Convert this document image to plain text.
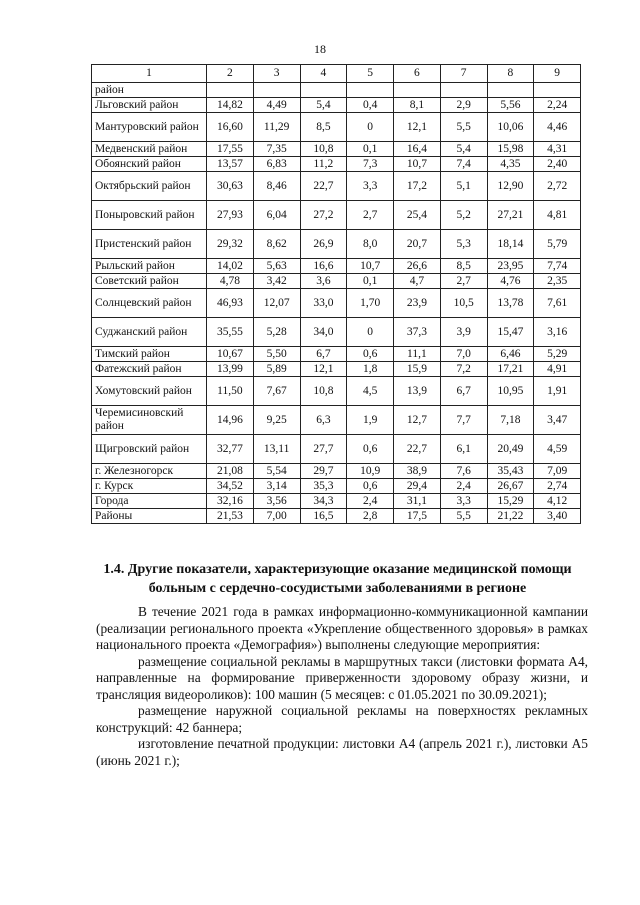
18
1	2	3	4	5	6	7	8	9
район								
Льговский район	14,82	4,49	5,4	0,4	8,1	2,9	5,56	2,24
Мантуровский район	16,60	11,29	8,5	0	12,1	5,5	10,06	4,46
Медвенский район	17,55	7,35	10,8	0,1	16,4	5,4	15,98	4,31
Обоянский район	13,57	6,83	11,2	7,3	10,7	7,4	4,35	2,40
Октябрьский район	30,63	8,46	22,7	3,3	17,2	5,1	12,90	2,72
Поныровский район	27,93	6,04	27,2	2,7	25,4	5,2	27,21	4,81
Пристенский район	29,32	8,62	26,9	8,0	20,7	5,3	18,14	5,79
Рыльский район	14,02	5,63	16,6	10,7	26,6	8,5	23,95	7,74
Советский район	4,78	3,42	3,6	0,1	4,7	2,7	4,76	2,35
Солнцевский район	46,93	12,07	33,0	1,70	23,9	10,5	13,78	7,61
Суджанский район	35,55	5,28	34,0	0	37,3	3,9	15,47	3,16
Тимский район	10,67	5,50	6,7	0,6	11,1	7,0	6,46	5,29
Фатежский район	13,99	5,89	12,1	1,8	15,9	7,2	17,21	4,91
Хомутовский район	11,50	7,67	10,8	4,5	13,9	6,7	10,95	1,91
Черемисиновский район	14,96	9,25	6,3	1,9	12,7	7,7	7,18	3,47
Щигровский район	32,77	13,11	27,7	0,6	22,7	6,1	20,49	4,59
г. Железногорск	21,08	5,54	29,7	10,9	38,9	7,6	35,43	7,09
г. Курск	34,52	3,14	35,3	0,6	29,4	2,4	26,67	2,74
Города	32,16	3,56	34,3	2,4	31,1	3,3	15,29	4,12
Районы	21,53	7,00	16,5	2,8	17,5	5,5	21,22	3,40
1.4. Другие показатели, характеризующие оказание медицинской помощи больным с сердечно-сосудистыми заболеваниями в регионе

В течение 2021 года в рамках информационно-коммуникационной кампании (реализации регионального проекта «Укрепление общественного здоровья» в рамках национального проекта «Демография») выполнены следующие мероприятия:

размещение социальной рекламы в маршрутных такси (листовки формата А4, направленные на формирование приверженности здоровому образу жизни, и трансляция видеороликов): 100 машин (5 месяцев: с 01.05.2021 по 30.09.2021);

размещение наружной социальной рекламы на поверхностях рекламных конструкций: 42 баннера;

изготовление печатной продукции: листовки А4 (апрель 2021 г.), листовки А5 (июнь 2021 г.);
